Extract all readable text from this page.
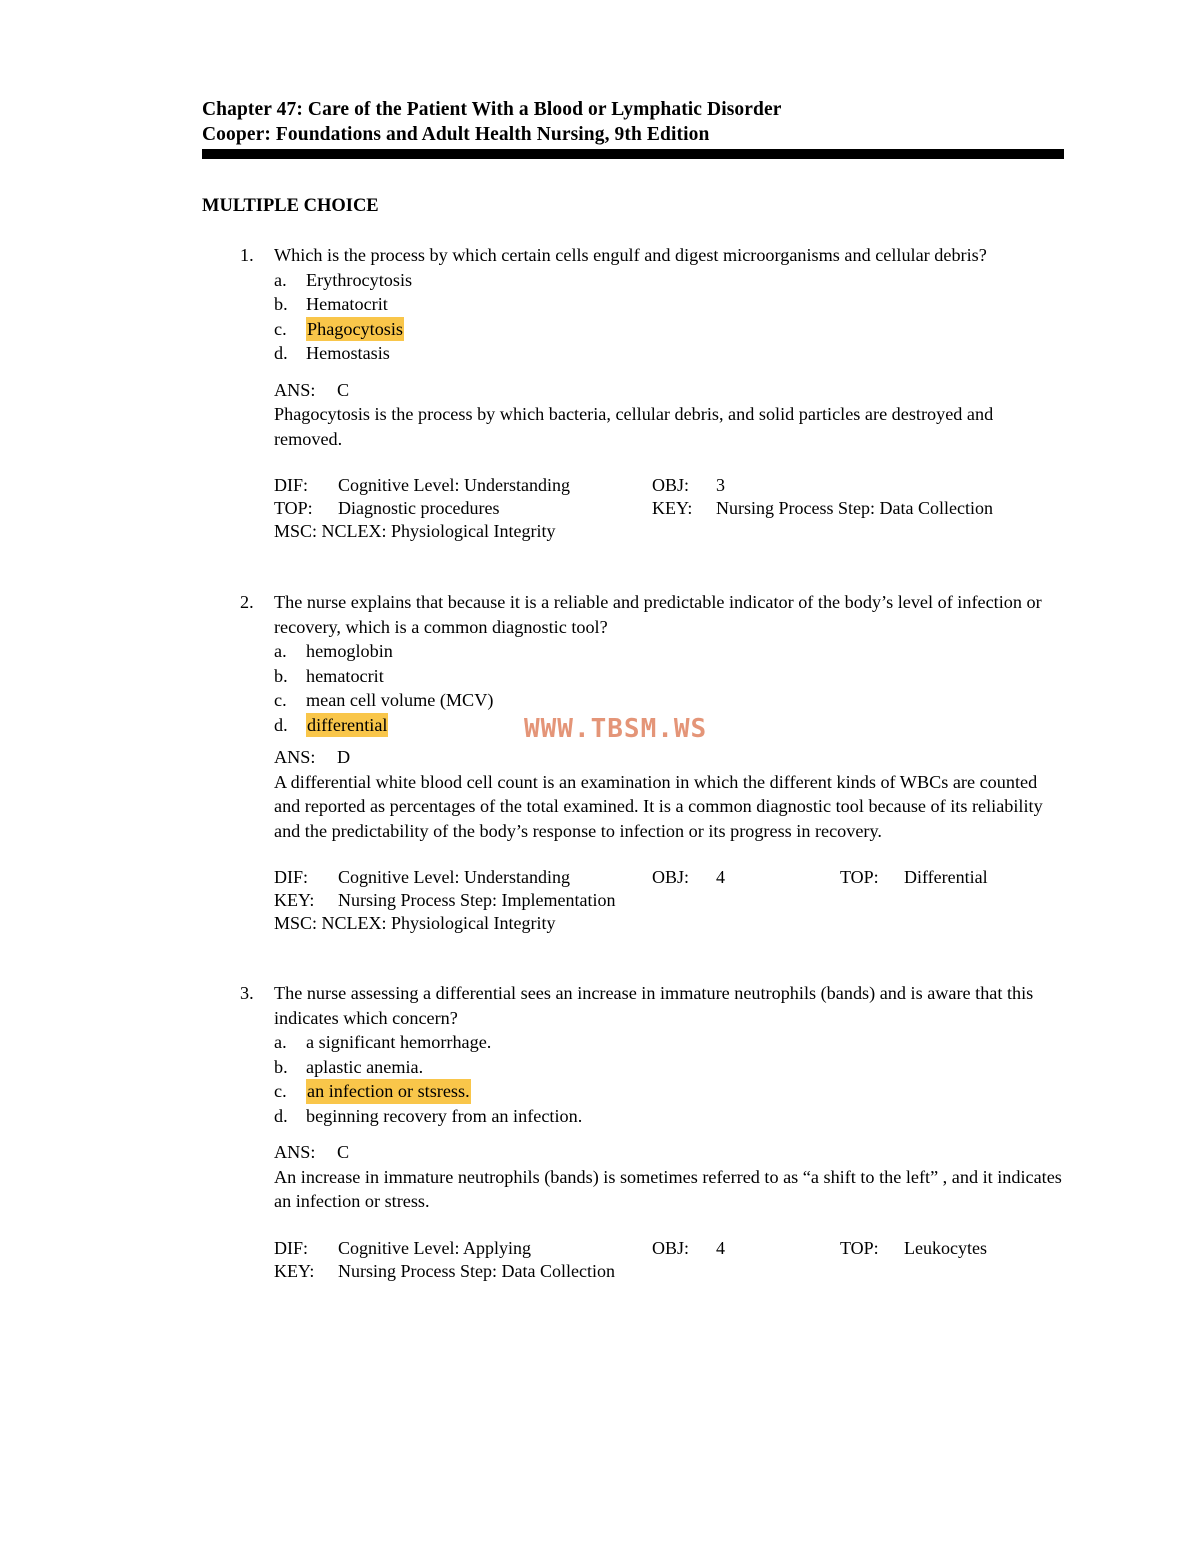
Chapter 47: Care of the Patient With a Blood or Lymphatic Disorder
Cooper: Foundations and Adult Health Nursing, 9th Edition
MULTIPLE CHOICE
1.	Which is the process by which certain cells engulf and digest microorganisms and cellular debris?
a.	Erythrocytosis
b.	Hematocrit
c.	Phagocytosis
d.	Hemostasis
ANS: C
Phagocytosis is the process by which bacteria, cellular debris, and solid particles are destroyed and removed.
DIF:	Cognitive Level: Understanding	OBJ:	3
TOP:	Diagnostic procedures	KEY:	Nursing Process Step: Data Collection
MSC:
NCLEX: Physiological Integrity
2.	The nurse explains that because it is a reliable and predictable indicator of the body’s level of infection or recovery, which is a common diagnostic tool?
a.	hemoglobin
b.	hematocrit
c.	mean cell volume (MCV)
d.	differential
ANS: D
A differential white blood cell count is an examination in which the different kinds of WBCs are counted and reported as percentages of the total examined. It is a common diagnostic tool because of its reliability and the predictability of the body’s response to infection or its progress in recovery.
DIF:	Cognitive Level: Understanding	OBJ:	4	TOP:	Differential
KEY:	Nursing Process Step: Implementation
MSC:
NCLEX: Physiological Integrity
3.	The nurse assessing a differential sees an increase in immature neutrophils (bands) and is aware that this indicates which concern?
a.	a significant hemorrhage.
b.	aplastic anemia.
c.	an infection or stsress.
d.	beginning recovery from an infection.
ANS: C
An increase in immature neutrophils (bands) is sometimes referred to as “a shift to the left” , and it indicates an infection or stress.
DIF:	Cognitive Level: Applying	OBJ:	4	TOP:	Leukocytes
KEY:	Nursing Process Step: Data Collection
WWW.TBSM.WS
